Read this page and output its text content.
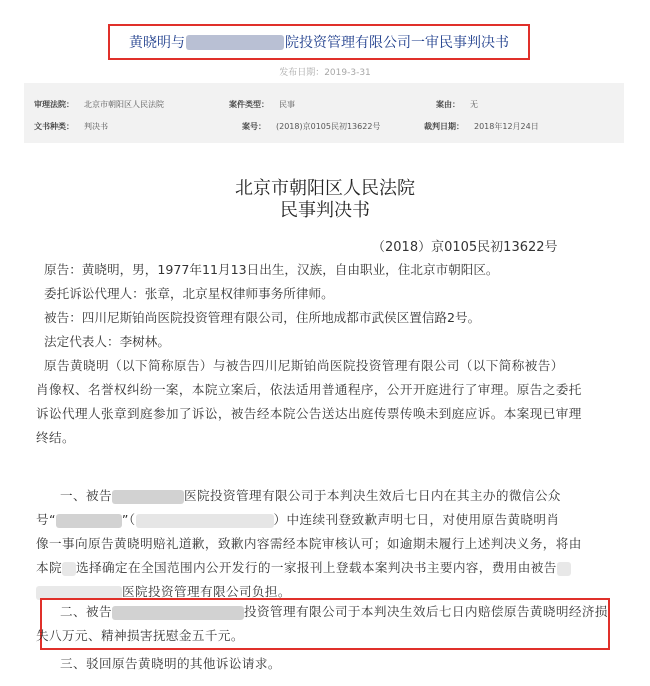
黄晓明与	院投资管理有限公司一审民事判决书
发布日期：2019-3-31
审理法院： 北京市朝阳区人民法院	案件类型： 民事	案由： 无
文书种类： 判决书	案号： (2018)京0105民初13622号	裁判日期： 2018年12月24日
北京市朝阳区人民法院
民事判决书
（2018）京0105民初13622号

原告：黄晓明，男，1977年11月13日出生，汉族，自由职业，住北京市朝阳区。

委托诉讼代理人：张章，北京星权律师事务所律师。

被告：四川尼斯铂尚医院投资管理有限公司，住所地成都市武侯区置信路2号。

法定代表人：李树林。

原告黄晓明（以下简称原告）与被告四川尼斯铂尚医院投资管理有限公司（以下简称被告）

肖像权、名誉权纠纷一案，本院立案后，依法适用普通程序，公开开庭进行了审理。原告之委托

诉讼代理人张章到庭参加了诉讼，被告经本院公告送达出庭传票传唤未到庭应诉。本案现已审理

终结。

一、被告	医院投资管理有限公司于本判决生效后七日内在其主办的微信公众

号“	”（	）中连续刊登致歉声明七日，对使用原告黄晓明肖

像一事向原告黄晓明赔礼道歉，致歉内容需经本院审核认可；如逾期未履行上述判决义务，将由

本院 选择确定在全国范围内公开发行的一家报刊上登载本案判决书主要内容，费用由被告

医院投资管理有限公司负担。

二、被告	投资管理有限公司于本判决生效后七日内赔偿原告黄晓明经济损

失八万元、精神损害抚慰金五千元。

三、驳回原告黄晓明的其他诉讼请求。
